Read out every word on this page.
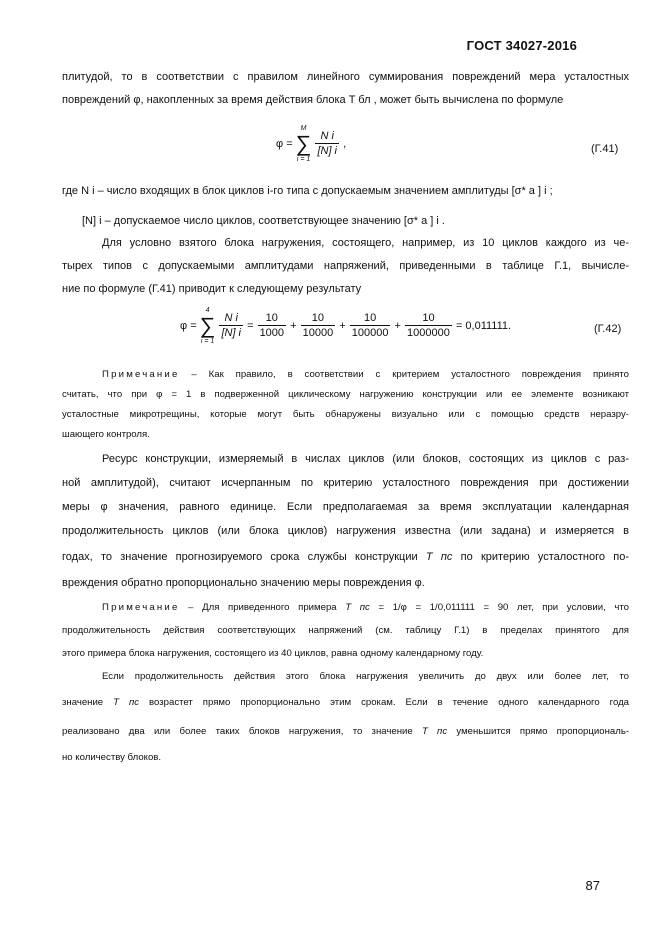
ГОСТ 34027-2016
плитудой, то в соответствии с правилом линейного суммирования повреждений мера усталостных
повреждений φ, накопленных за время действия блока T бл , может быть вычислена по формуле
φ =
M
∑
i = 1

$\frac{\text{N i}}{[N] i}$ ,	(Г.41)
где N i – число входящих в блок циклов i-го типа с допускаемым значением амплитуды [σ* a ] i ;
[N] i – допускаемое число циклов, соответствующее значению [σ* a ] i .
Для условно взятого блока нагружения, состоящего, например, из 10 циклов каждого из че-
тырех типов с допускаемыми амплитудами напряжений, приведенными в таблице Г.1, вычисле-
ние по формуле (Г.41) приводит к следующему результату
φ =
4
∑
i = 1

$\frac{\text{N i}}{[N] i} = \frac{10}{1000} + \frac{10}{10000} + \frac{10}{100000} + \frac{10}{1000000} = 0,011111$.	(Г.42)
Примечание – Как правило, в соответствии с критерием усталостного повреждения принято
считать, что при φ = 1 в подверженной циклическому нагружению конструкции или ее элементе возникают
усталостные микротрещины, которые могут быть обнаружены визуально или с помощью средств неразру-
шающего контроля.
Ресурс конструкции, измеряемый в числах циклов (или блоков, состоящих из циклов с раз-
ной амплитудой), считают исчерпанным по критерию усталостного повреждения при достижении
меры φ значения, равного единице. Если предполагаемая за время эксплуатации календарная
продолжительность циклов (или блока циклов) нагружения известна (или задана) и измеряется в
годах, то значение прогнозируемого срока службы конструкции T пс по критерию усталостного по-
вреждения обратно пропорционально значению меры повреждения φ.
Примечание – Для приведенного примера T пс = 1/φ = 1/0,011111 = 90 лет, при условии, что
продолжительность действия соответствующих напряжений (см. таблицу Г.1) в пределах принятого для
этого примера блока нагружения, состоящего из 40 циклов, равна одному календарному году.
Если продолжительность действия этого блока нагружения увеличить до двух или более лет, то
значение T пс возрастет прямо пропорционально этим срокам. Если в течение одного календарного года
реализовано два или более таких блоков нагружения, то значение T пс уменьшится прямо пропорциональ-
но количеству блоков.
87
